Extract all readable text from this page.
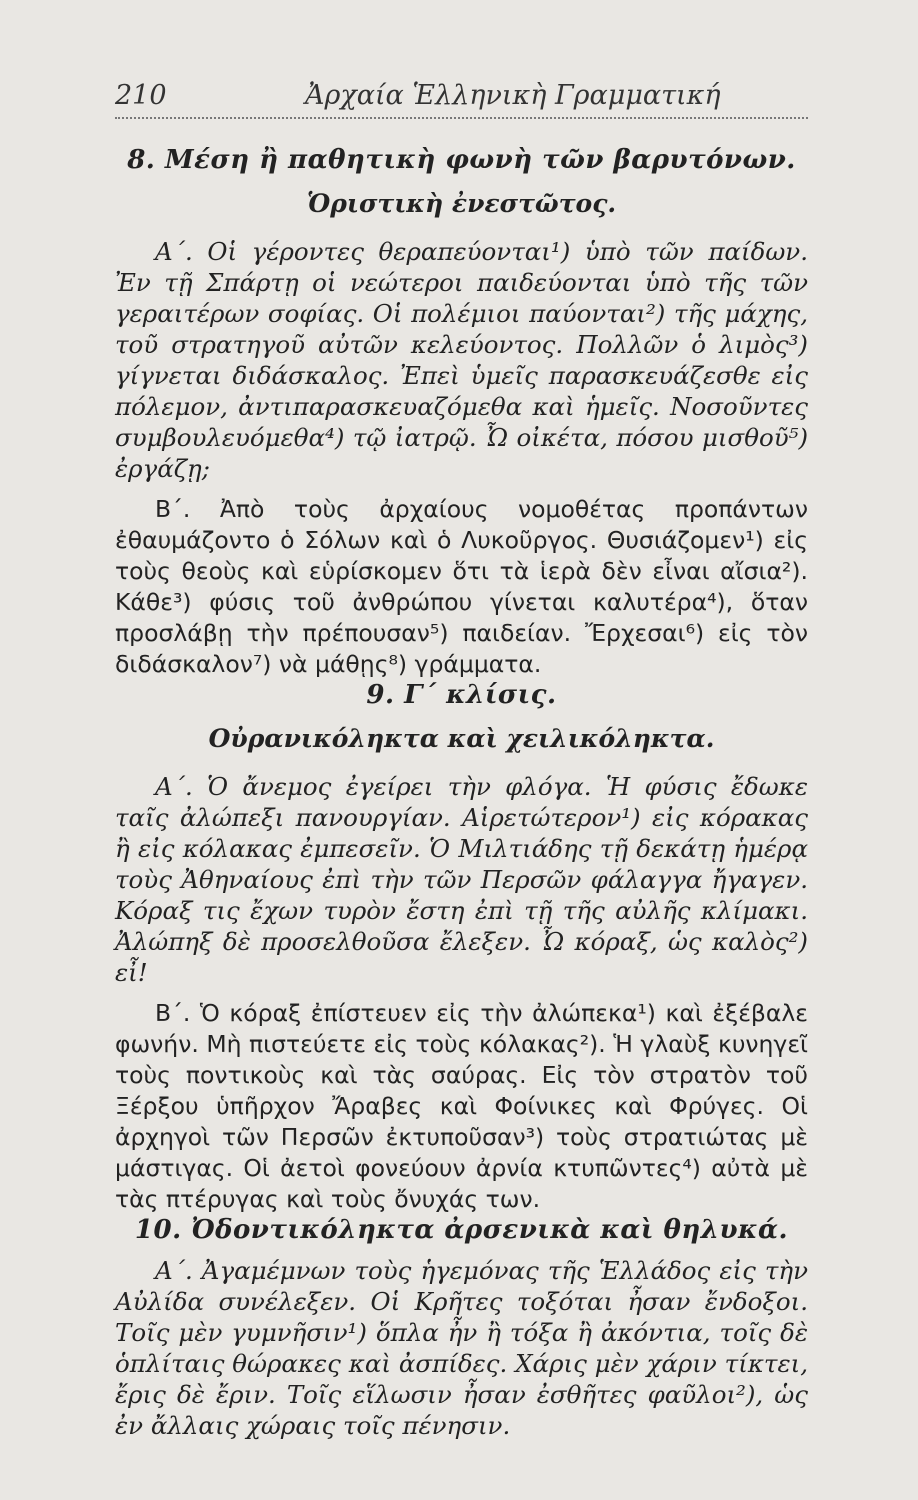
210	Ἀρχαία Ἑλληνικὴ Γραμματική
8. Μέση ἢ παθητικὴ φωνὴ τῶν βαρυτόνων.
Ὁριστικὴ ἐνεστῶτος.

Α΄. Οἱ γέροντες θεραπεύονται¹) ὑπὸ τῶν παίδων. Ἐν τῇ Σπάρτῃ οἱ νεώτεροι παιδεύονται ὑπὸ τῆς τῶν γεραιτέρων σοφίας. Οἱ πολέμιοι παύονται²) τῆς μάχης, τοῦ στρατηγοῦ αὐτῶν κελεύοντος. Πολλῶν ὁ λιμὸς³) γίγνεται διδάσκαλος. Ἐπεὶ ὑμεῖς παρασκευάζεσθε εἰς πόλεμον, ἀντιπαρασκευαζόμεθα καὶ ἡμεῖς. Νοσοῦντες συμβουλευόμεθα⁴) τῷ ἰατρῷ. Ὦ οἰκέτα, πόσου μισθοῦ⁵) ἐργάζῃ;

Β΄. Ἀπὸ τοὺς ἀρχαίους νομοθέτας προπάντων ἐθαυμάζοντο ὁ Σόλων καὶ ὁ Λυκοῦργος. Θυσιάζομεν¹) εἰς τοὺς θεοὺς καὶ εὑρίσκομεν ὅτι τὰ ἱερὰ δὲν εἶναι αἴσια²). Κάθε³) φύσις τοῦ ἀνθρώπου γίνεται καλυτέρα⁴), ὅταν προσλάβῃ τὴν πρέπουσαν⁵) παιδείαν. Ἔρχεσαι⁶) εἰς τὸν διδάσκαλον⁷) νὰ μάθῃς⁸) γράμματα.

9. Γ΄ κλίσις.
Οὐρανικόληκτα καὶ χειλικόληκτα.

Α΄. Ὁ ἄνεμος ἐγείρει τὴν φλόγα. Ἡ φύσις ἔδωκε ταῖς ἀλώπεξι πανουργίαν. Αἱρετώτερον¹) εἰς κόρακας ἢ εἰς κόλακας ἐμπεσεῖν. Ὁ Μιλτιάδης τῇ δεκάτῃ ἡμέρᾳ τοὺς Ἀθηναίους ἐπὶ τὴν τῶν Περσῶν φάλαγγα ἤγαγεν. Κόραξ τις ἔχων τυρὸν ἔστη ἐπὶ τῇ τῆς αὐλῆς κλίμακι. Ἀλώπηξ δὲ προσελθοῦσα ἔλεξεν. Ὦ κόραξ, ὡς καλὸς²) εἶ!

Β΄. Ὁ κόραξ ἐπίστευεν εἰς τὴν ἀλώπεκα¹) καὶ ἐξέβαλε φωνήν. Μὴ πιστεύετε εἰς τοὺς κόλακας²). Ἡ γλαὺξ κυνηγεῖ τοὺς ποντικοὺς καὶ τὰς σαύρας. Εἰς τὸν στρατὸν τοῦ Ξέρξου ὑπῆρχον Ἄραβες καὶ Φοίνικες καὶ Φρύγες. Οἱ ἀρχηγοὶ τῶν Περσῶν ἐκτυποῦσαν³) τοὺς στρατιώτας μὲ μάστιγας. Οἱ ἀετοὶ φονεύουν ἀρνία κτυπῶντες⁴) αὐτὰ μὲ τὰς πτέρυγας καὶ τοὺς ὄνυχάς των.

10. Ὀδοντικόληκτα ἀρσενικὰ καὶ θηλυκά.

Α΄. Ἀγαμέμνων τοὺς ἡγεμόνας τῆς Ἑλλάδος εἰς τὴν Αὐλίδα συνέλεξεν. Οἱ Κρῆτες τοξόται ἦσαν ἔνδοξοι. Τοῖς μὲν γυμνῆσιν¹) ὅπλα ἦν ἢ τόξα ἢ ἀκόντια, τοῖς δὲ ὁπλίταις θώρακες καὶ ἀσπίδες. Χάρις μὲν χάριν τίκτει, ἔρις δὲ ἔριν. Τοῖς εἵλωσιν ἦσαν ἐσθῆτες φαῦλοι²), ὡς ἐν ἄλλαις χώραις τοῖς πένησιν.
